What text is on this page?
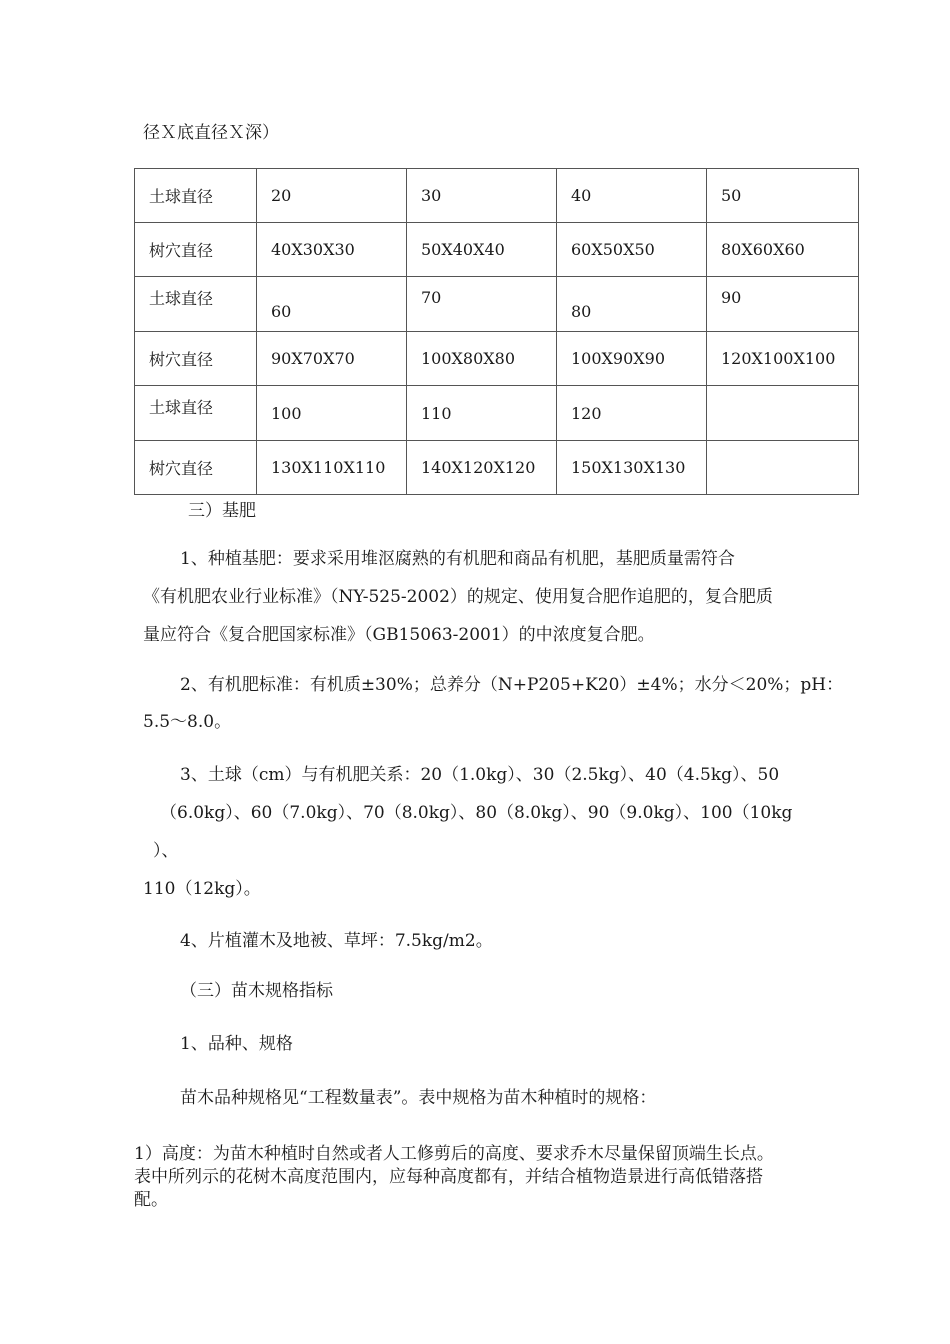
径Ｘ底直径Ｘ深）
土球直径	20	30	40	50
树穴直径	40X30X30	50X40X40	60X50X50	80X60X60

土球直径	60	70	80	90

树穴直径	90X70X70	100X80X80	100X90X90	120X100X100

土球直径	100	110	120	
树穴直径	130X110X110	140X120X120	150X130X130	
三）基肥
1、种植基肥：要求采用堆沤腐熟的有机肥和商品有机肥，基肥质量需符合
《有机肥农业行业标准》（NY-525-2002）的规定、使用复合肥作追肥的，复合肥质
量应符合《复合肥国家标准》（GB15063-2001）的中浓度复合肥。
2、有机肥标准：有机质±30%；总养分（N+P205+K20）±4%；水分＜20%；pH：
5.5～8.0。
3、土球（cm）与有机肥关系：20（1.0kg）、30（2.5kg）、40（4.5kg）、50
（6.0kg）、60（7.0kg）、70（8.0kg）、80（8.0kg）、90（9.0kg）、100（10kg
）、
110（12kg）。
4、片植灌木及地被、草坪：7.5kg/m2。
（三）苗木规格指标
1、品种、规格
苗木品种规格见“工程数量表”。表中规格为苗木种植时的规格：
1）高度：为苗木种植时自然或者人工修剪后的高度、要求乔木尽量保留顶端生长点。
表中所列示的花树木高度范围内，应每种高度都有，并结合植物造景进行高低错落搭
配。
